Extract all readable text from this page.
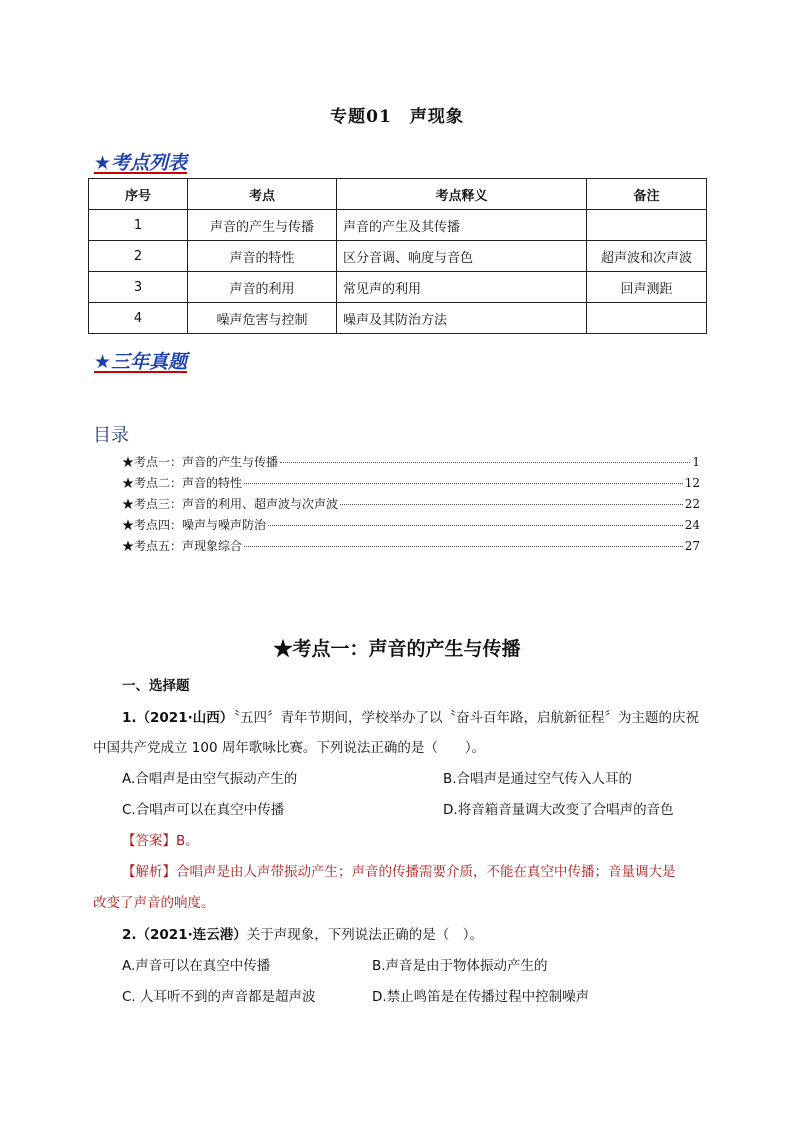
专题01　声现象
★考点列表
序号	考点	考点释义	备注
1	声音的产生与传播	声音的产生及其传播	
2	声音的特性	区分音调、响度与音色	超声波和次声波
3	声音的利用	常见声的利用	回声测距
4	噪声危害与控制	噪声及其防治方法	
★三年真题
目录
★考点一：声音的产生与传播	1
★考点二：声音的特性	12
★考点三：声音的利用、超声波与次声波	22
★考点四：噪声与噪声防治	24
★考点五：声现象综合	27
★考点一：声音的产生与传播
一、选择题
1.（2021·山西）〝五四〞青年节期间，学校举办了以〝奋斗百年路，启航新征程〞为主题的庆祝
中国共产党成立 100 周年歌咏比赛。下列说法正确的是（　　）。
A.合唱声是由空气振动产生的	B.合唱声是通过空气传入人耳的
C.合唱声可以在真空中传播	D.将音箱音量调大改变了合唱声的音色
【答案】B。
【解析】合唱声是由人声带振动产生；声音的传播需要介质，不能在真空中传播；音量调大是
改变了声音的响度。
2.（2021·连云港）关于声现象，下列说法正确的是（　）。
A.声音可以在真空中传播	B.声音是由于物体振动产生的
C. 人耳听不到的声音都是超声波	D.禁止鸣笛是在传播过程中控制噪声
